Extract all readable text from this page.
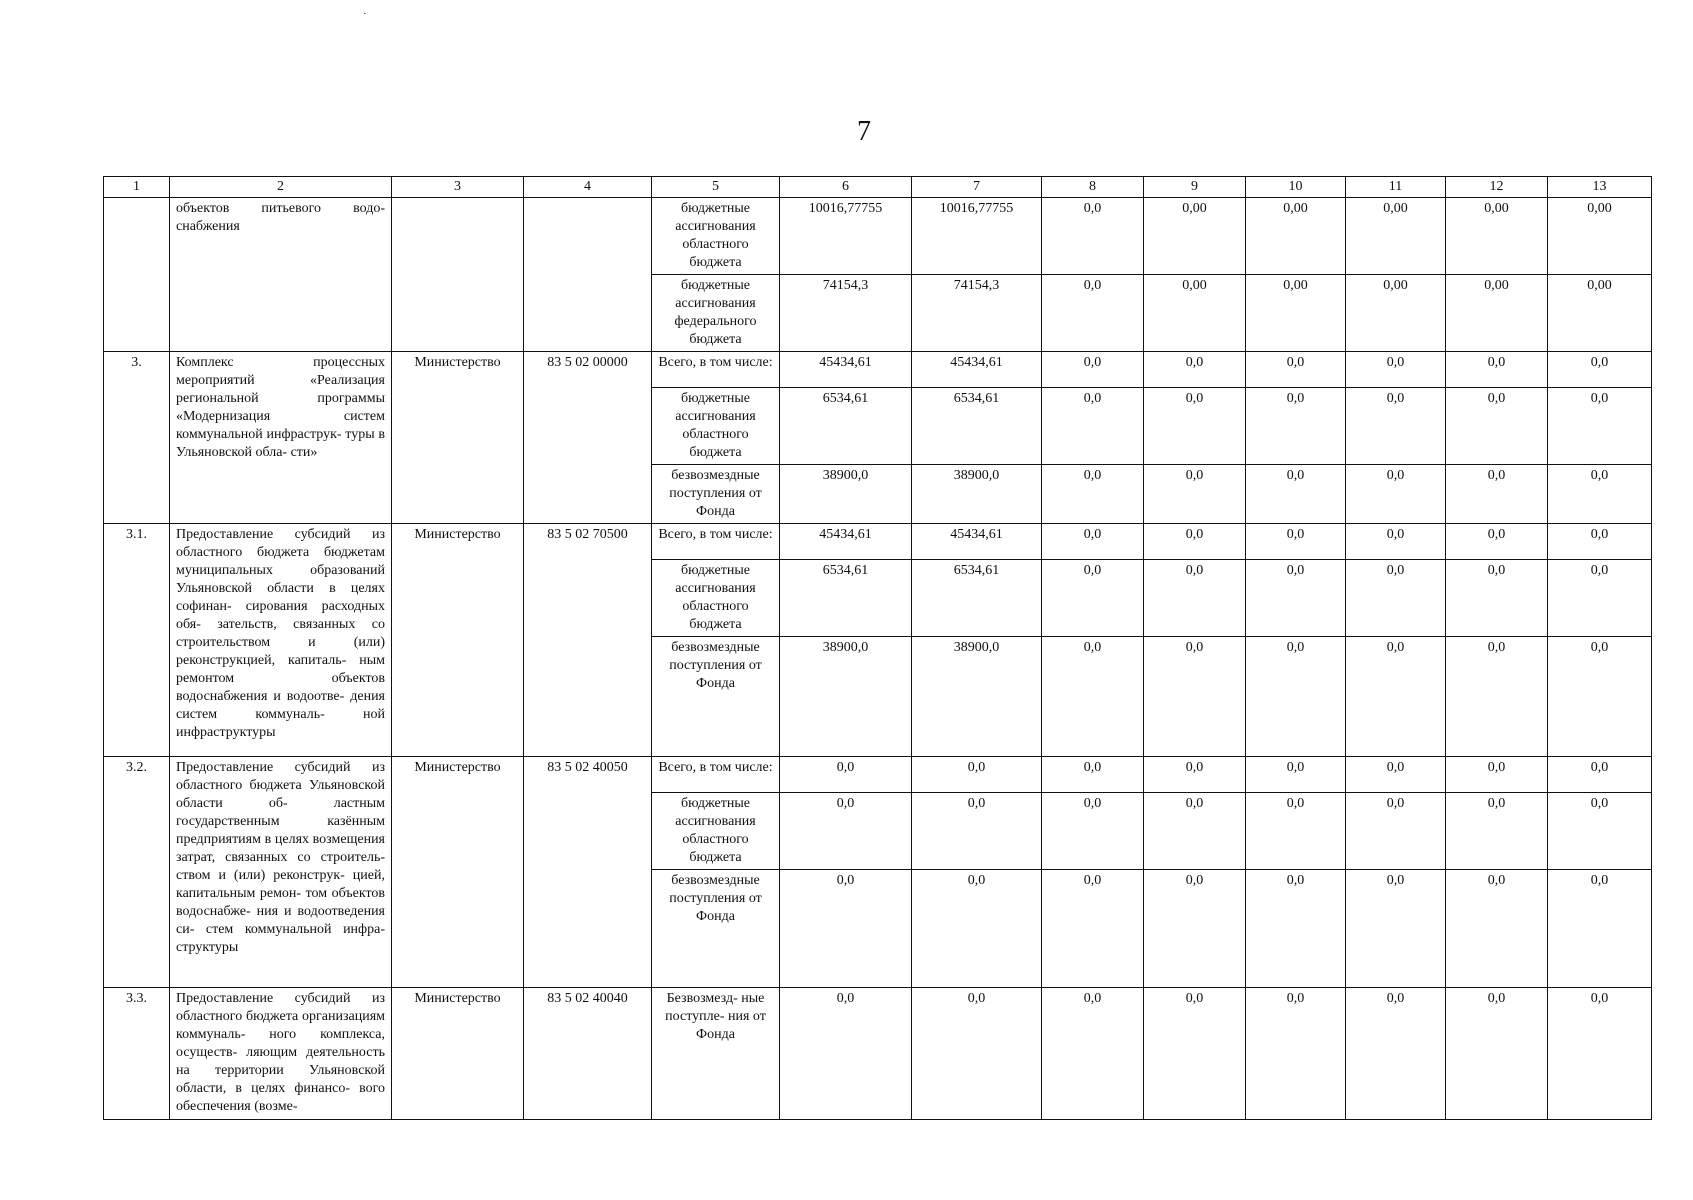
·
7
1	2	3	4	5	6	7	8	9	10	11	12	13
	объектов питьевого водо- снабжения			бюджетные ассигнования областного бюджета	10016,77755	10016,77755	0,0	0,00	0,00	0,00	0,00	0,00
				бюджетные ассигнования федерального бюджета	74154,3	74154,3	0,0	0,00	0,00	0,00	0,00	0,00
3.	Комплекс процессных мероприятий «Реализация региональной программы «Модернизация систем коммунальной инфраструк- туры в Ульяновской обла- сти»	Министерство	83 5 02 00000	Всего, в том числе:	45434,61	45434,61	0,0	0,0	0,0	0,0	0,0	0,0
				бюджетные ассигнования областного бюджета	6534,61	6534,61	0,0	0,0	0,0	0,0	0,0	0,0
				безвозмездные поступления от Фонда	38900,0	38900,0	0,0	0,0	0,0	0,0	0,0	0,0
3.1.	Предоставление субсидий из областного бюджета бюджетам муниципальных образований Ульяновской области в целях софинан- сирования расходных обя- зательств, связанных со строительством и (или) реконструкцией, капиталь- ным ремонтом объектов водоснабжения и водоотве- дения систем коммуналь- ной инфраструктуры	Министерство	83 5 02 70500	Всего, в том числе:	45434,61	45434,61	0,0	0,0	0,0	0,0	0,0	0,0
				бюджетные ассигнования областного бюджета	6534,61	6534,61	0,0	0,0	0,0	0,0	0,0	0,0
				безвозмездные поступления от Фонда	38900,0	38900,0	0,0	0,0	0,0	0,0	0,0	0,0
3.2.	Предоставление субсидий из областного бюджета Ульяновской области об- ластным государственным казённым предприятиям в целях возмещения затрат, связанных со строитель- ством и (или) реконструк- цией, капитальным ремон- том объектов водоснабже- ния и водоотведения си- стем коммунальной инфра- структуры	Министерство	83 5 02 40050	Всего, в том числе:	0,0	0,0	0,0	0,0	0,0	0,0	0,0	0,0
				бюджетные ассигнования областного бюджета	0,0	0,0	0,0	0,0	0,0	0,0	0,0	0,0
				безвозмездные поступления от Фонда	0,0	0,0	0,0	0,0	0,0	0,0	0,0	0,0
3.3.	Предоставление субсидий из областного бюджета организациям коммуналь- ного комплекса, осуществ- ляющим деятельность на территории Ульяновской области, в целях финансо- вого обеспечения (возме-	Министерство	83 5 02 40040	Безвозмезд- ные поступле- ния от Фонда	0,0	0,0	0,0	0,0	0,0	0,0	0,0	0,0
